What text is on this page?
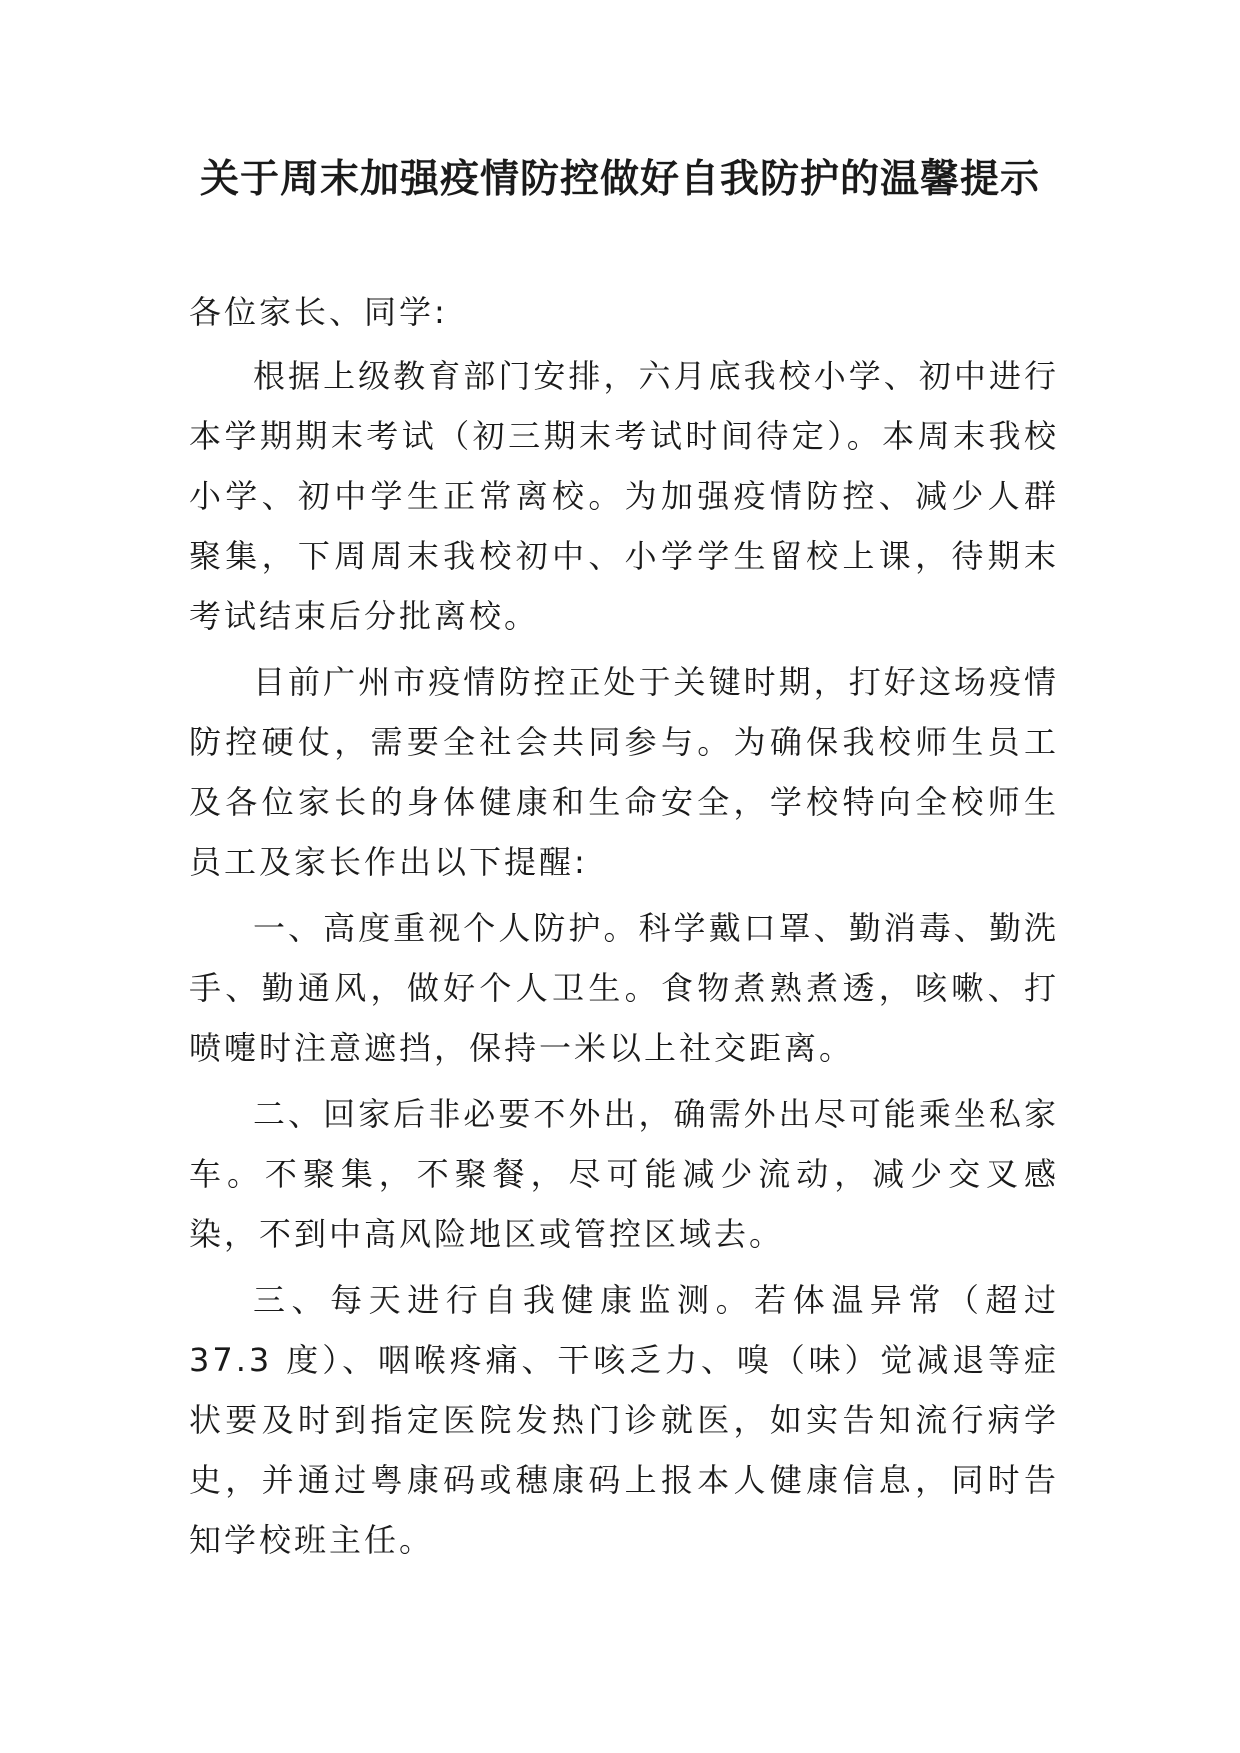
关于周末加强疫情防控做好自我防护的温馨提示

各位家长、同学:

根据上级教育部门安排，六月底我校小学、初中进行本学期期末考试（初三期末考试时间待定）。本周末我校小学、初中学生正常离校。为加强疫情防控、减少人群聚集，下周周末我校初中、小学学生留校上课，待期末考试结束后分批离校。

目前广州市疫情防控正处于关键时期，打好这场疫情防控硬仗，需要全社会共同参与。为确保我校师生员工及各位家长的身体健康和生命安全，学校特向全校师生员工及家长作出以下提醒:

一、高度重视个人防护。科学戴口罩、勤消毒、勤洗手、勤通风，做好个人卫生。食物煮熟煮透，咳嗽、打喷嚏时注意遮挡，保持一米以上社交距离。

二、回家后非必要不外出，确需外出尽可能乘坐私家车。不聚集，不聚餐，尽可能减少流动，减少交叉感染，不到中高风险地区或管控区域去。

三、每天进行自我健康监测。若体温异常（超过 37.3 度）、咽喉疼痛、干咳乏力、嗅（味）觉减退等症状要及时到指定医院发热门诊就医，如实告知流行病学史，并通过粤康码或穗康码上报本人健康信息，同时告知学校班主任。
